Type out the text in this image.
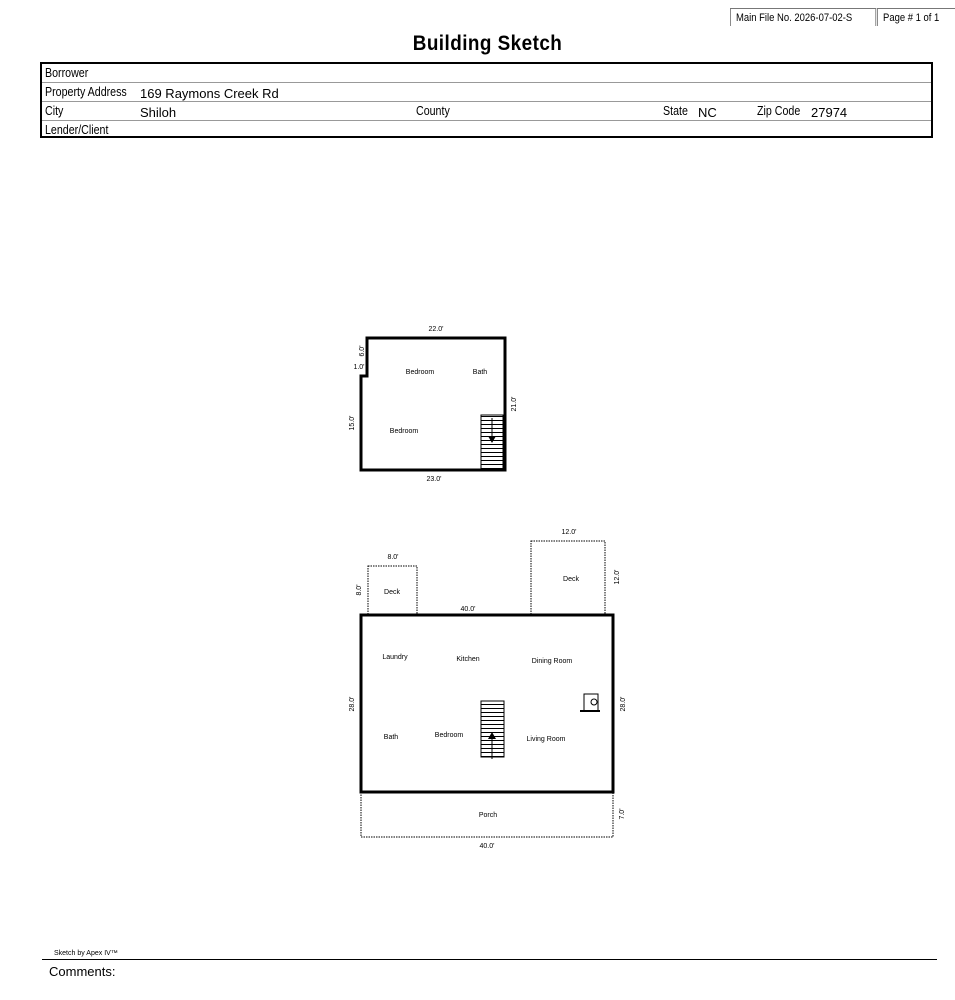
Main File No. 2026-07-02-S	Page # 1 of 1
Building Sketch
Borrower
Property Address 169 Raymons Creek Rd
City	Shiloh	County	State NC	Zip Code 27974
Lender/Client
22.0'
21.0'
23.0'
6.0'
1.0'
15.0'
Bedroom	Bath
Bedroom
8.0'
8.0'
12.0'
12.0'
40.0'
28.0'	28.0'
7.0'
40.0'
Deck
Deck
Laundry	Kitchen	Dining Room
Bath	Bedroom
Living Room
Porch
Sketch by Apex IV™
Comments:
